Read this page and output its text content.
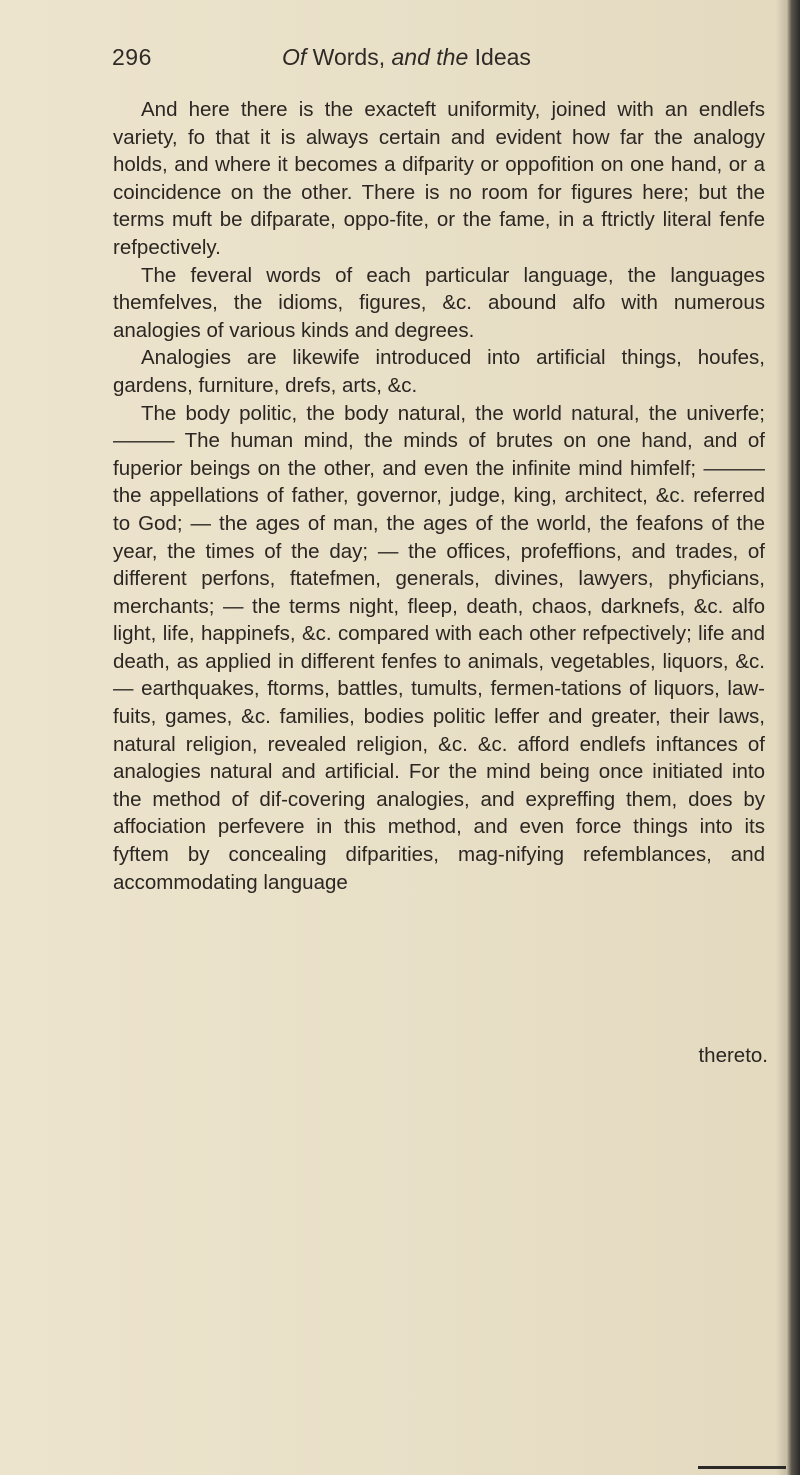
296	Of Words, and the Ideas

And here there is the exacteft uniformity, joined with an endlefs variety, fo that it is always certain and evident how far the analogy holds, and where it becomes a difparity or oppofition on one hand, or a coincidence on the other. There is no room for figures here; but the terms muft be difparate, oppo-fite, or the fame, in a ftrictly literal fenfe refpectively.

The feveral words of each particular language, the languages themfelves, the idioms, figures, &c. abound alfo with numerous analogies of various kinds and degrees.

Analogies are likewife introduced into artificial things, houfes, gardens, furniture, drefs, arts, &c.

The body politic, the body natural, the world natural, the univerfe; ——— The human mind, the minds of brutes on one hand, and of fuperior beings on the other, and even the infinite mind himfelf; ——— the appellations of father, governor, judge, king, architect, &c. referred to God; — the ages of man, the ages of the world, the feafons of the year, the times of the day; — the offices, profeffions, and trades, of different perfons, ftatefmen, generals, divines, lawyers, phyficians, merchants; — the terms night, fleep, death, chaos, darknefs, &c. alfo light, life, happinefs, &c. compared with each other refpectively; life and death, as applied in different fenfes to animals, vegetables, liquors, &c. — earthquakes, ftorms, battles, tumults, fermen-tations of liquors, law-fuits, games, &c. families, bodies politic leffer and greater, their laws, natural religion, revealed religion, &c. &c. afford endlefs inftances of analogies natural and artificial. For the mind being once initiated into the method of dif-covering analogies, and expreffing them, does by affociation perfevere in this method, and even force things into its fyftem by concealing difparities, mag-nifying refemblances, and accommodating language

thereto.
